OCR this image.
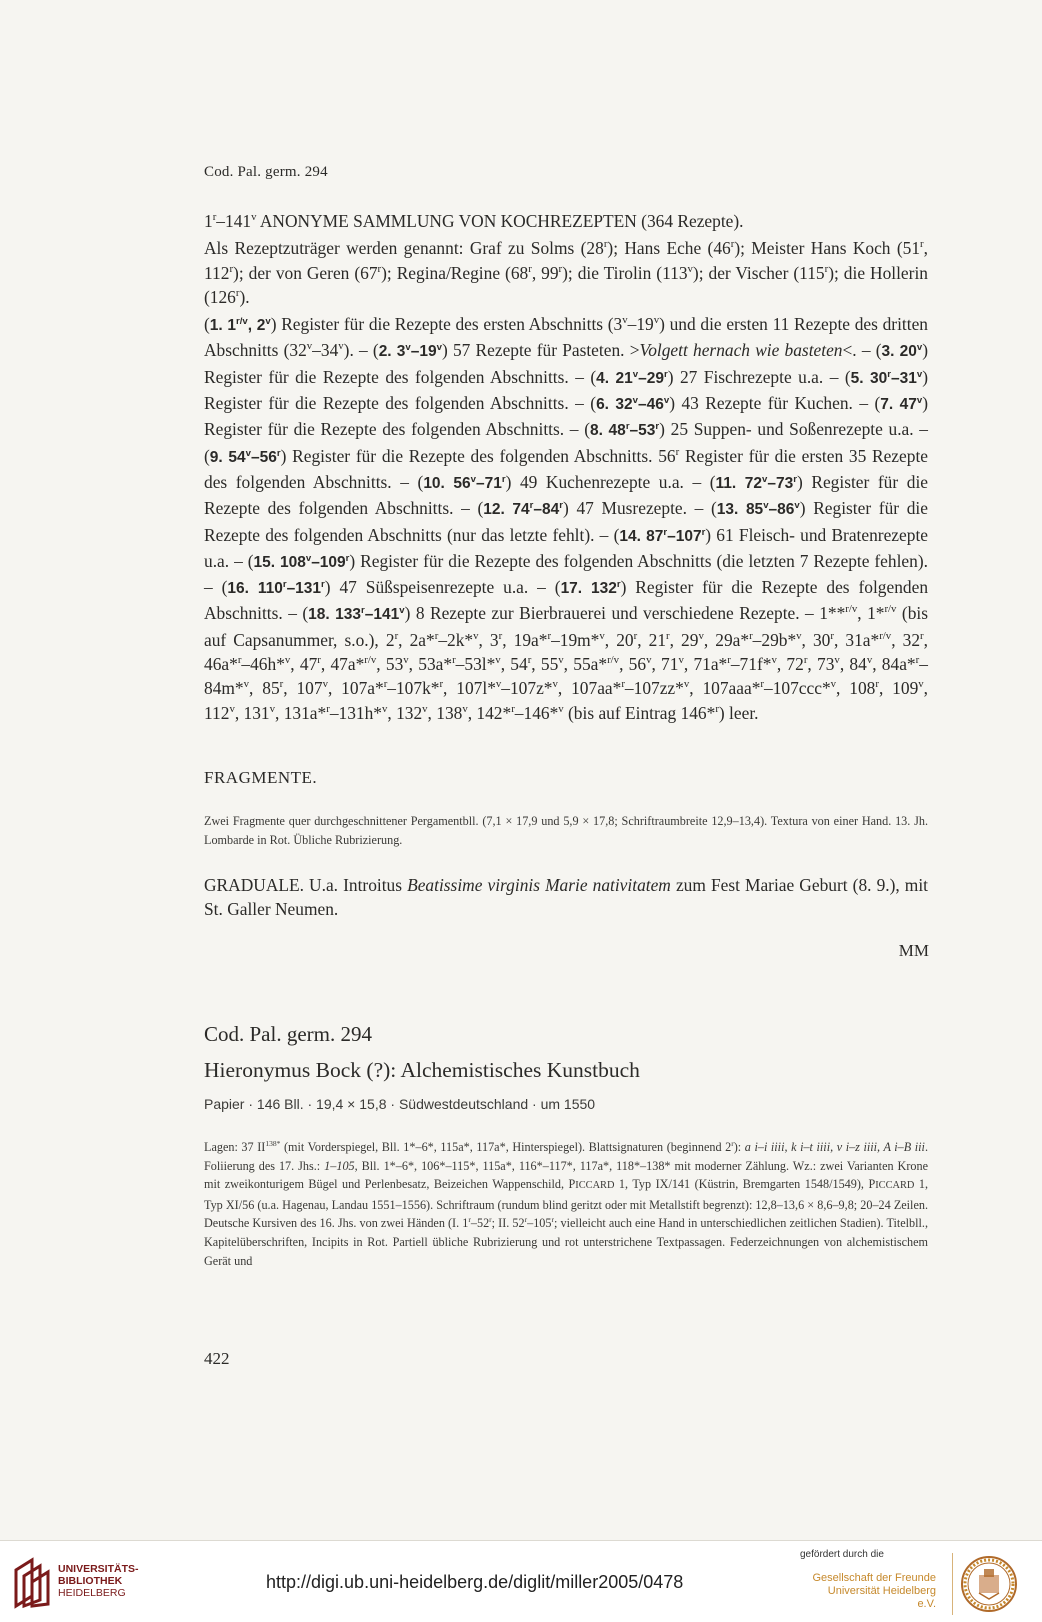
Cod. Pal. germ. 294

1$^r$–141$^v$ ANONYME SAMMLUNG VON KOCHREZEPTEN (364 Rezepte).

Als Rezeptzuträger werden genannt: Graf zu Solms (28$^r$); Hans Eche (46$^r$); Meister Hans Koch (51$^r$, 112$^r$); der von Geren (67$^r$); Regina/Regine (68$^r$, 99$^r$); die Tirolin (113$^v$); der Vischer (115$^r$); die Hollerin (126$^r$).

(1. $1^{r/v}$, 2$^v$) Register für die Rezepte des ersten Abschnitts (3$^v$–19$^v$) und die ersten 11 Rezepte des dritten Abschnitts (32$^v$–34$^v$). – (2. 3$^v$–19$^v$) 57 Rezepte für Pasteten. >Volgett hernach wie basteten<. – (3. 20$^v$) Register für die Rezepte des folgenden Abschnitts. – (4. 21$^v$–29$^r$) 27 Fischrezepte u.a. – (5. 30$^r$–31$^v$) Register für die Rezepte des folgenden Abschnitts. – (6. 32$^v$–46$^v$) 43 Rezepte für Kuchen. – (7. 47$^v$) Register für die Rezepte des folgenden Abschnitts. – (8. 48$^r$–53$^r$) 25 Suppen- und Soßenrezepte u.a. – (9. 54$^v$–56$^r$) Register für die Rezepte des folgenden Abschnitts. 56$^r$ Register für die ersten 35 Rezepte des folgenden Abschnitts. – (10. 56$^v$–71$^r$) 49 Kuchenrezepte u.a. – (11. 72$^v$–73$^r$) Register für die Rezepte des folgenden Abschnitts. – (12. 74$^r$–84$^r$) 47 Musrezepte. – (13. 85$^v$–86$^v$) Register für die Rezepte des folgenden Abschnitts (nur das letzte fehlt). – (14. 87$^r$–107$^r$) 61 Fleisch- und Bratenrezepte u.a. – (15. 108$^v$–109$^r$) Register für die Rezepte des folgenden Abschnitts (die letzten 7 Rezepte fehlen). – (16. 110$^r$–131$^r$) 47 Süßspeisenrezepte u.a. – (17. 132$^r$) Register für die Rezepte des folgenden Abschnitts. – (18. 133$^r$–141$^v$) 8 Rezepte zur Bierbrauerei und verschiedene Rezepte. – 1**$^{r/v}$, 1*$^{r/v}$ (bis auf Capsanummer, s.o.), 2$^r$, 2a*$^r$–2k*$^v$, 3$^r$, 19a*$^r$–19m*$^v$, 20$^r$, 21$^r$, 29$^v$, 29a*$^r$–29b*$^v$, 30$^r$, 31a*$^{r/v}$, 32$^r$, 46a*$^r$–46h*$^v$, 47$^r$, 47a*$^{r/v}$, 53$^v$, 53a*$^r$–53l*$^v$, 54$^r$, 55$^v$, 55a*$^{r/v}$, 56$^v$, 71$^v$, 71a*$^r$–71f*$^v$, 72$^r$, 73$^v$, 84$^v$, 84a*$^r$–84m*$^v$, 85$^r$, 107$^v$, 107a*$^r$–107k*$^r$, 107l*$^v$–107z*$^v$, 107aa*$^r$–107zz*$^v$, 107aaa*$^r$–107ccc*$^v$, 108$^r$, 109$^v$, 112$^v$, 131$^v$, 131a*$^r$–131h*$^v$, 132$^v$, 138$^v$, 142*$^r$–146*$^v$ (bis auf Eintrag 146*$^r$) leer.

FRAGMENTE.
Zwei Fragmente quer durchgeschnittener Pergamentbll. (7,1 × 17,9 und 5,9 × 17,8; Schriftraumbreite 12,9–13,4). Textura von einer Hand. 13. Jh. Lombarde in Rot. Übliche Rubrizierung.
GRADUALE. U.a. Introitus Beatissime virginis Marie nativitatem zum Fest Mariae Geburt (8. 9.), mit St. Galler Neumen.
MM
Cod. Pal. germ. 294
Hieronymus Bock (?): Alchemistisches Kunstbuch
Papier · 146 Bll. · 19,4 × 15,8 · Südwestdeutschland · um 1550
Lagen: 37 $II^{138*}$ (mit Vorderspiegel, Bll. 1*–6*, 115a*, 117a*, Hinterspiegel). Blattsignaturen (beginnend 2$^r$): a i–i iiii, k i–t iiii, v i–z iiii, A i–B iii. Foliierung des 17. Jhs.: 1–105, Bll. 1*–6*, 106*–115*, 115a*, 116*–117*, 117a*, 118*–138* mit moderner Zählung. Wz.: zwei Varianten Krone mit zweikonturigem Bügel und Perlenbesatz, Beizeichen Wappenschild, PICCARD 1, Typ IX/141 (Küstrin, Bremgarten 1548/1549), PICCARD 1, Typ XI/56 (u.a. Hagenau, Landau 1551–1556). Schriftraum (rundum blind geritzt oder mit Metallstift begrenzt): 12,8–13,6 × 8,6–9,8; 20–24 Zeilen. Deutsche Kursiven des 16. Jhs. von zwei Händen (I. 1$^r$–52$^r$; II. 52$^r$–105$^r$; vielleicht auch eine Hand in unterschiedlichen zeitlichen Stadien). Titelbll., Kapitelüberschriften, Incipits in Rot. Partiell übliche Rubrizierung und rot unterstrichene Textpassagen. Federzeichnungen von alchemistischem Gerät und
422
UNIVERSITÄTS-
BIBLIOTHEK
HEIDELBERG
http://digi.ub.uni-heidelberg.de/diglit/miller2005/0478
gefördert durch die
Gesellschaft der Freunde
Universität Heidelberg e.V.
